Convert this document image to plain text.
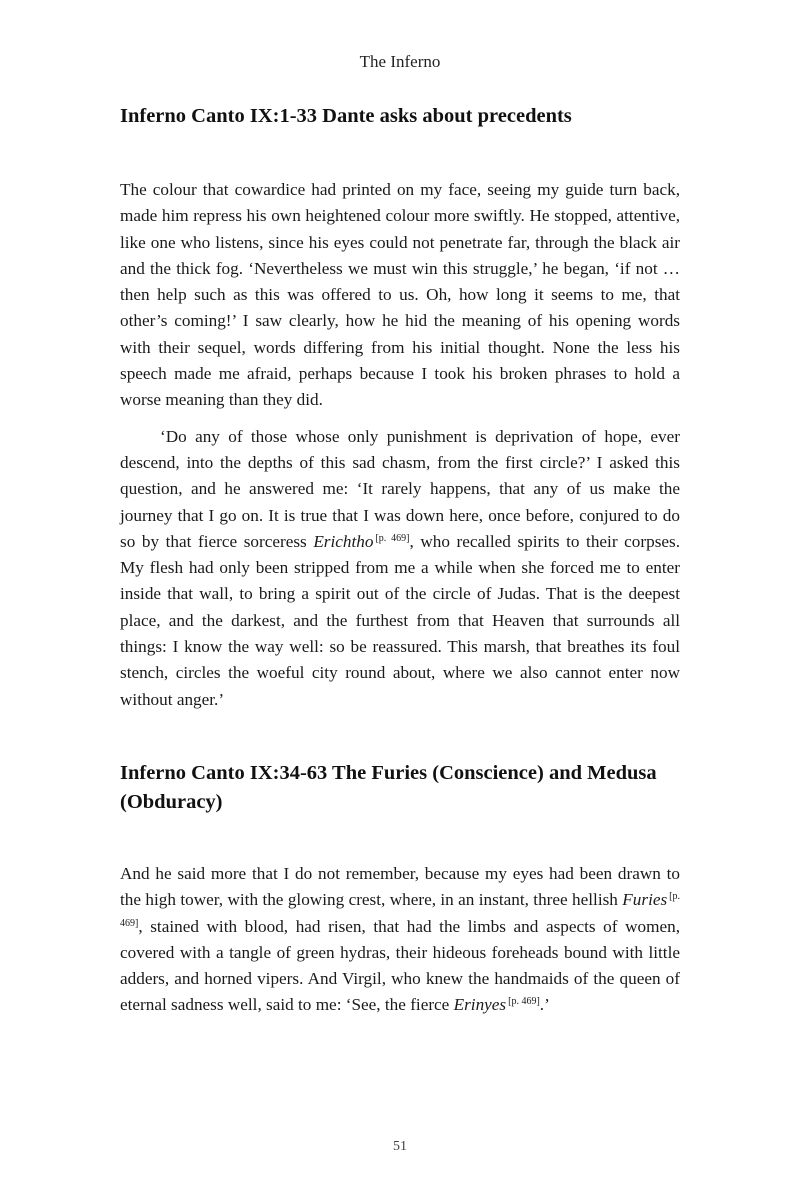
The Inferno
Inferno Canto IX:1-33 Dante asks about precedents

The colour that cowardice had printed on my face, seeing my guide turn back, made him repress his own heightened colour more swiftly. He stopped, attentive, like one who listens, since his eyes could not penetrate far, through the black air and the thick fog. ‘Nevertheless we must win this struggle,’ he began, ‘if not … then help such as this was offered to us. Oh, how long it seems to me, that other’s coming!’ I saw clearly, how he hid the meaning of his opening words with their sequel, words differing from his initial thought. None the less his speech made me afraid, perhaps because I took his broken phrases to hold a worse meaning than they did.

‘Do any of those whose only punishment is deprivation of hope, ever descend, into the depths of this sad chasm, from the first circle?’ I asked this question, and he answered me: ‘It rarely happens, that any of us make the journey that I go on. It is true that I was down here, once before, conjured to do so by that fierce sorceress Erichtho [p. 469], who recalled spirits to their corpses. My flesh had only been stripped from me a while when she forced me to enter inside that wall, to bring a spirit out of the circle of Judas. That is the deepest place, and the darkest, and the furthest from that Heaven that surrounds all things: I know the way well: so be reassured. This marsh, that breathes its foul stench, circles the woeful city round about, where we also cannot enter now without anger.’

Inferno Canto IX:34-63 The Furies (Conscience) and Medusa (Obduracy)

And he said more that I do not remember, because my eyes had been drawn to the high tower, with the glowing crest, where, in an instant, three hellish Furies [p. 469], stained with blood, had risen, that had the limbs and aspects of women, covered with a tangle of green hydras, their hideous foreheads bound with little adders, and horned vipers. And Virgil, who knew the handmaids of the queen of eternal sadness well, said to me: ‘See, the fierce Erinyes [p. 469].’

51
